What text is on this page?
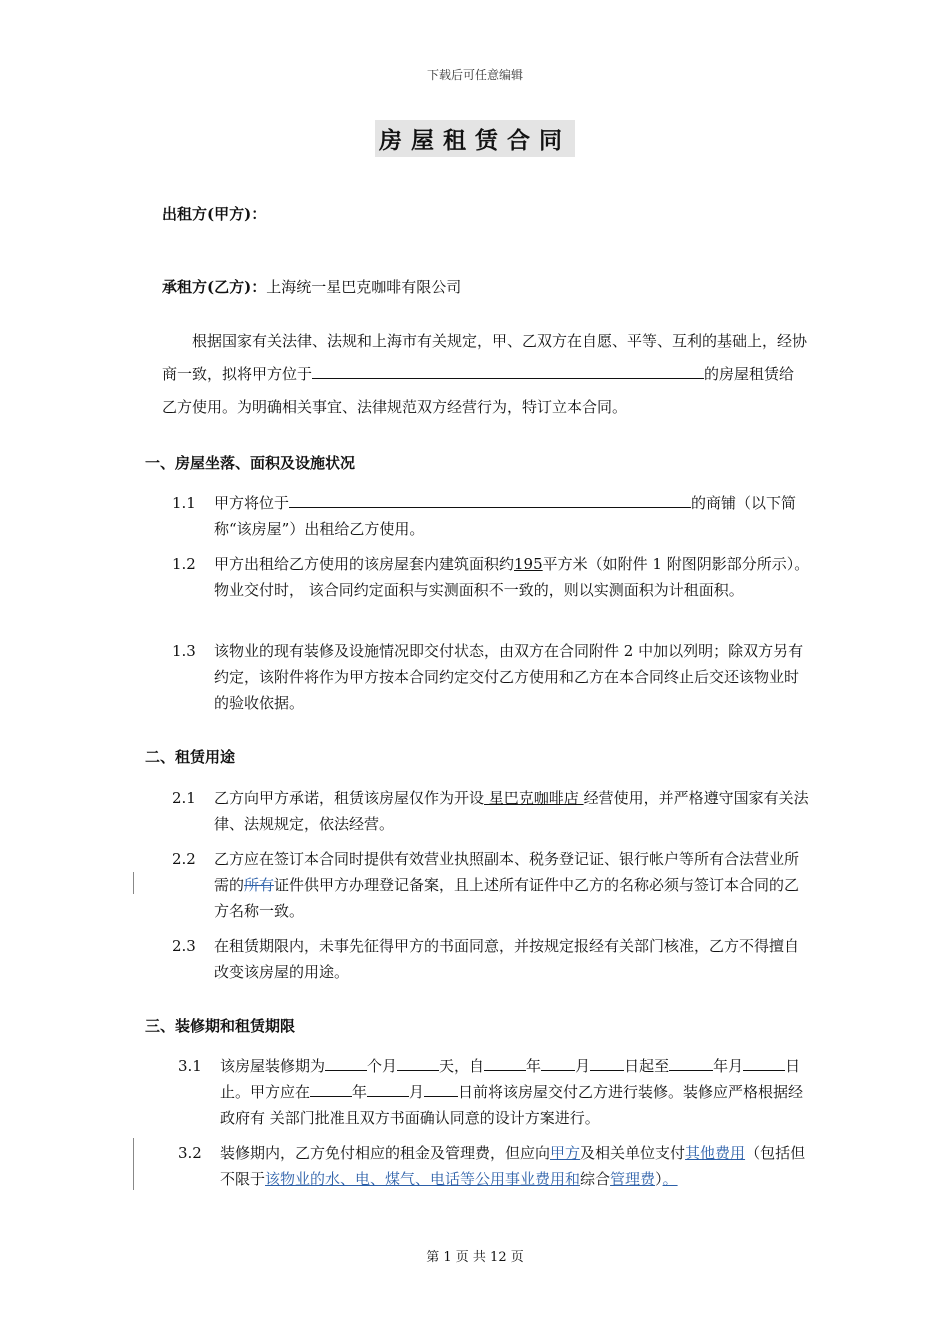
下载后可任意编辑
房屋租赁合同
出租方(甲方)：
承租方(乙方)：上海统一星巴克咖啡有限公司
根据国家有关法律、法规和上海市有关规定，甲、乙双方在自愿、平等、互利的基础上，经协商一致，拟将甲方位于	的房屋租赁给乙方使用。为明确相关事宜、法律规范双方经营行为，特订立本合同。
一、房屋坐落、面积及设施状况
1.1	甲方将位于	的商铺（以下简称“该房屋”）出租给乙方使用。
1.2	甲方出租给乙方使用的该房屋套内建筑面积约195平方米（如附件 1 附图阴影部分所示）。物业交付时， 该合同约定面积与实测面积不一致的，则以实测面积为计租面积。
1.3	该物业的现有装修及设施情况即交付状态，由双方在合同附件 2 中加以列明；除双方另有约定，该附件将作为甲方按本合同约定交付乙方使用和乙方在本合同终止后交还该物业时的验收依据。
二、租赁用途
2.1	乙方向甲方承诺，租赁该房屋仅作为开设 星巴克咖啡店 经营使用，并严格遵守国家有关法律、法规规定，依法经营。
2.2	乙方应在签订本合同时提供有效营业执照副本、税务登记证、银行帐户等所有合法营业所需的所有证件供甲方办理登记备案，且上述所有证件中乙方的名称必须与签订本合同的乙方名称一致。
2.3	在租赁期限内，未事先征得甲方的书面同意，并按规定报经有关部门核准，乙方不得擅自改变该房屋的用途。
三、装修期和租赁期限
3.1	该房屋装修期为	个月	天，自	年 月 日起至	年月	日止。甲方应在	年	月 日前将该房屋交付乙方进行装修。装修应严格根据经政府有 关部门批准且双方书面确认同意的设计方案进行。
3.2	装修期内，乙方免付相应的租金及管理费，但应向甲方及相关单位支付其他费用（包括但不限于该物业的水、电、煤气、电话等公用事业费用和综合管理费）。
第 1 页 共 12 页
